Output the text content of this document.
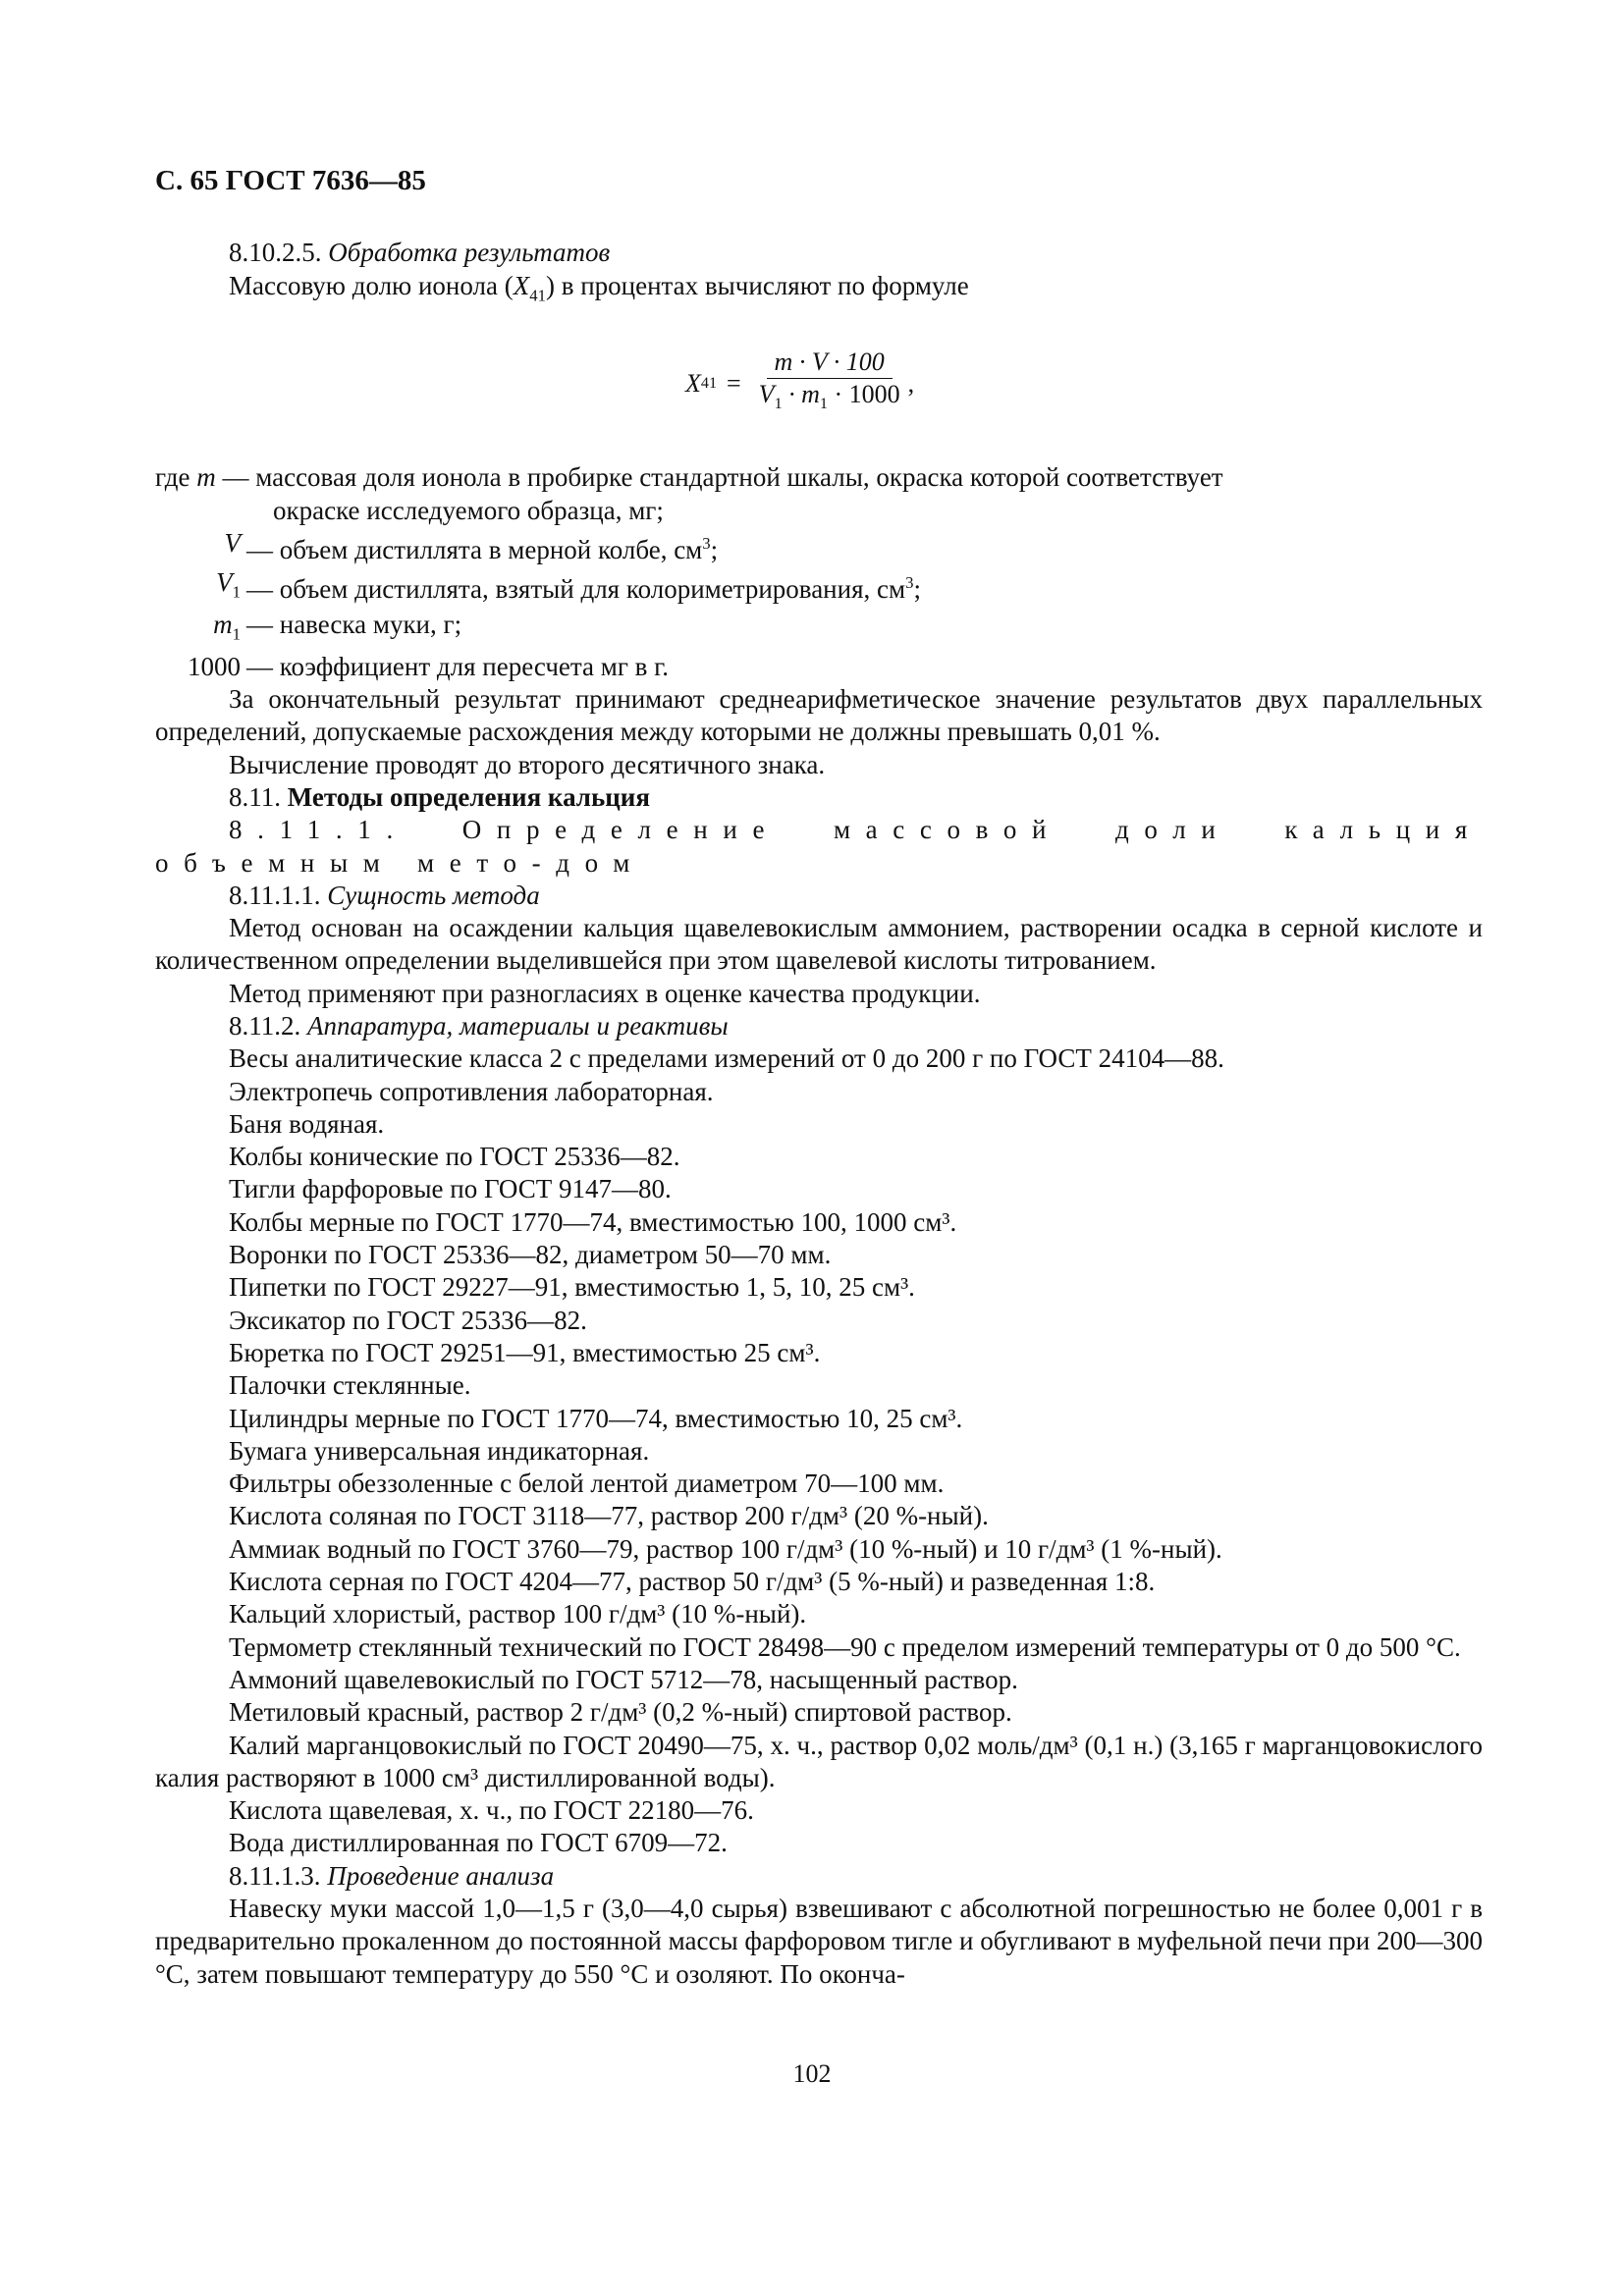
С. 65 ГОСТ 7636—85
8.10.2.5. Обработка результатов
Массовую долю ионола $(X_{41})$ в процентах вычисляют по формуле
X $41 = \frac{m \cdot V \cdot 100}{V_1 \cdot m_1 \cdot 1000}$ ,
где m — массовая доля ионола в пробирке стандартной шкалы, окраска которой соответствует
окраске исследуемого образца, мг;
V — объем дистиллята в мерной колбе, $см^3$;
$V_1$ — объем дистиллята, взятый для колориметрирования, $см^3$;
$m_1$ — навеска муки, г;
1000 — коэффициент для пересчета мг в г.
За окончательный результат принимают среднеарифметическое значение результатов двух параллельных определений, допускаемые расхождения между которыми не должны превышать 0,01 %.
Вычисление проводят до второго десятичного знака.
8.11. Методы определения кальция
8.11.1. Определение массовой доли кальция объемным мето-дом
8.11.1.1. Сущность метода
Метод основан на осаждении кальция щавелевокислым аммонием, растворении осадка в серной кислоте и количественном определении выделившейся при этом щавелевой кислоты титрованием.
Метод применяют при разногласиях в оценке качества продукции.
8.11.2. Аппаратура, материалы и реактивы
Весы аналитические класса 2 с пределами измерений от 0 до 200 г по ГОСТ 24104—88.
Электропечь сопротивления лабораторная.
Баня водяная.
Колбы конические по ГОСТ 25336—82.
Тигли фарфоровые по ГОСТ 9147—80.
Колбы мерные по ГОСТ 1770—74, вместимостью 100, 1000 см³.
Воронки по ГОСТ 25336—82, диаметром 50—70 мм.
Пипетки по ГОСТ 29227—91, вместимостью 1, 5, 10, 25 см³.
Эксикатор по ГОСТ 25336—82.
Бюретка по ГОСТ 29251—91, вместимостью 25 см³.
Палочки стеклянные.
Цилиндры мерные по ГОСТ 1770—74, вместимостью 10, 25 см³.
Бумага универсальная индикаторная.
Фильтры обеззоленные с белой лентой диаметром 70—100 мм.
Кислота соляная по ГОСТ 3118—77, раствор 200 г/дм³ (20 %-ный).
Аммиак водный по ГОСТ 3760—79, раствор 100 г/дм³ (10 %-ный) и 10 г/дм³ (1 %-ный).
Кислота серная по ГОСТ 4204—77, раствор 50 г/дм³ (5 %-ный) и разведенная 1:8.
Кальций хлористый, раствор 100 г/дм³ (10 %-ный).
Термометр стеклянный технический по ГОСТ 28498—90 с пределом измерений температуры от 0 до 500 °С.
Аммоний щавелевокислый по ГОСТ 5712—78, насыщенный раствор.
Метиловый красный, раствор 2 г/дм³ (0,2 %-ный) спиртовой раствор.
Калий марганцовокислый по ГОСТ 20490—75, х. ч., раствор 0,02 моль/дм³ (0,1 н.) (3,165 г марганцовокислого калия растворяют в 1000 см³ дистиллированной воды).
Кислота щавелевая, х. ч., по ГОСТ 22180—76.
Вода дистиллированная по ГОСТ 6709—72.
8.11.1.3. Проведение анализа
Навеску муки массой 1,0—1,5 г (3,0—4,0 сырья) взвешивают с абсолютной погрешностью не более 0,001 г в предварительно прокаленном до постоянной массы фарфоровом тигле и обугливают в муфельной печи при 200—300 °С, затем повышают температуру до 550 °С и озоляют. По оконча-
102
